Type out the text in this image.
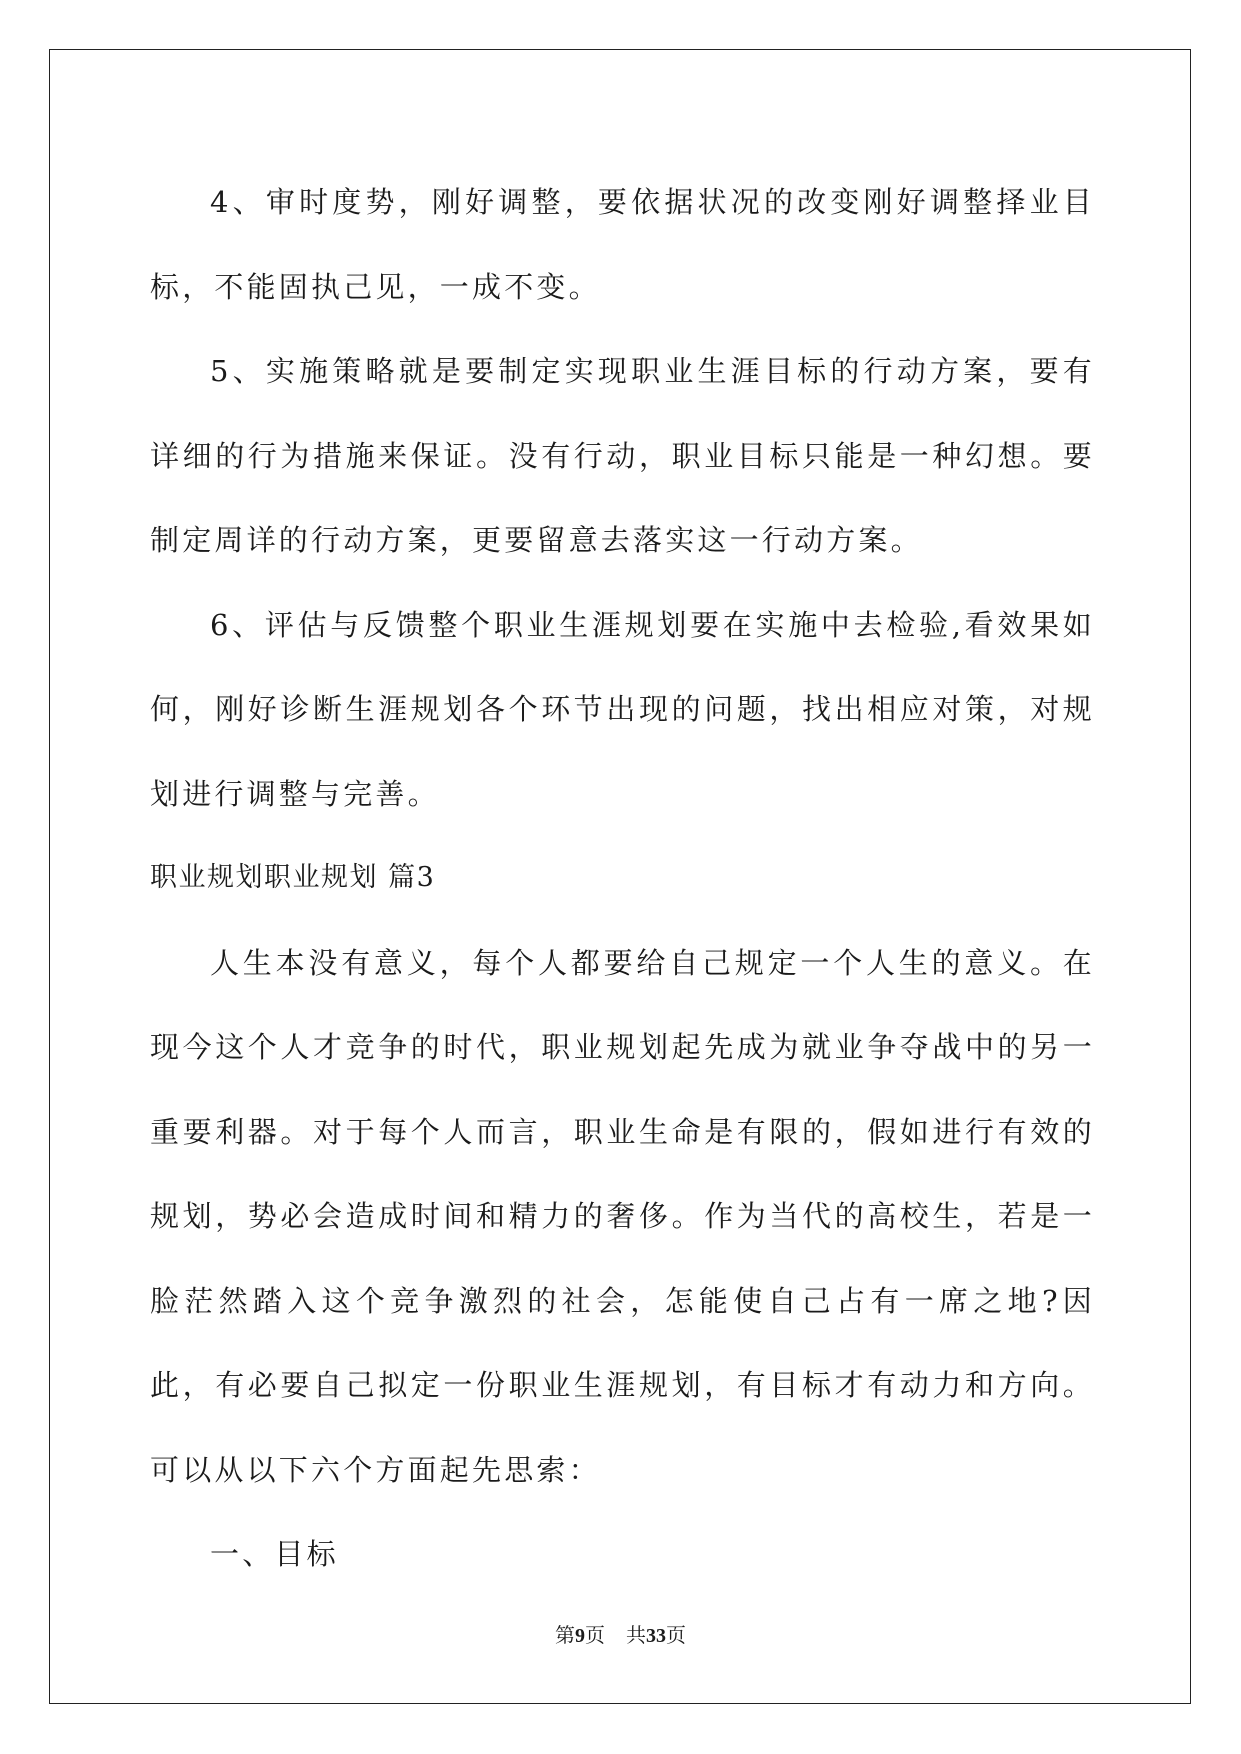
4、审时度势，刚好调整，要依据状况的改变刚好调整择业目标，不能固执己见，一成不变。

5、实施策略就是要制定实现职业生涯目标的行动方案，要有详细的行为措施来保证。没有行动，职业目标只能是一种幻想。要制定周详的行动方案，更要留意去落实这一行动方案。

6、评估与反馈整个职业生涯规划要在实施中去检验,看效果如何，刚好诊断生涯规划各个环节出现的问题，找出相应对策，对规划进行调整与完善。

职业规划职业规划 篇3

人生本没有意义，每个人都要给自己规定一个人生的意义。在现今这个人才竞争的时代，职业规划起先成为就业争夺战中的另一重要利器。对于每个人而言，职业生命是有限的，假如进行有效的规划，势必会造成时间和精力的奢侈。作为当代的高校生，若是一脸茫然踏入这个竞争激烈的社会，怎能使自己占有一席之地?因此，有必要自己拟定一份职业生涯规划，有目标才有动力和方向。可以从以下六个方面起先思索：

一、目标

第9页 共33页
